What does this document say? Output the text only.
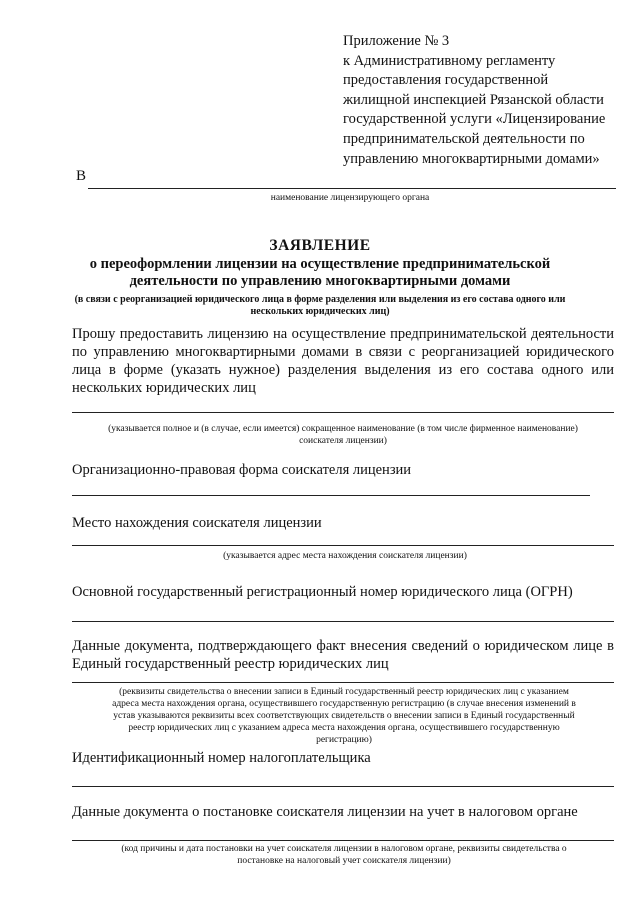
Приложение № 3
к Административному регламенту
предоставления государственной
жилищной инспекцией Рязанской области
государственной услуги «Лицензирование
предпринимательской деятельности по
управлению многоквартирными домами»
В
наименование лицензирующего органа
ЗАЯВЛЕНИЕ
о переоформлении лицензии на осуществление предпринимательской
деятельности по управлению многоквартирными домами
(в связи с реорганизацией юридического лица в форме разделения или выделения из его состава одного или
нескольких юридических лиц)
Прошу предоставить лицензию на осуществление предпринимательской деятельности по управлению многоквартирными домами в связи с реорганизацией юридического лица в форме (указать нужное) разделения выделения из его состава одного или нескольких юридических лиц
(указывается полное и (в случае, если имеется) сокращенное наименование (в том числе фирменное наименование)
соискателя лицензии)
Организационно-правовая форма соискателя лицензии
Место нахождения соискателя лицензии
(указывается адрес места нахождения соискателя лицензии)
Основной государственный регистрационный номер юридического лица (ОГРН)
Данные документа, подтверждающего факт внесения сведений о юридическом лице в Единый государственный реестр юридических лиц
(реквизиты свидетельства о внесении записи в Единый государственный реестр юридических лиц с указанием
адреса места нахождения органа, осуществившего государственную регистрацию (в случае внесения изменений в
устав указываются реквизиты всех соответствующих свидетельств о внесении записи в Единый государственный
реестр юридических лиц с указанием адреса места нахождения органа, осуществившего государственную
регистрацию)
Идентификационный номер налогоплательщика
Данные документа о постановке соискателя лицензии на учет в налоговом органе
(код причины и дата постановки на учет соискателя лицензии в налоговом органе, реквизиты свидетельства о
постановке на налоговый учет соискателя лицензии)
